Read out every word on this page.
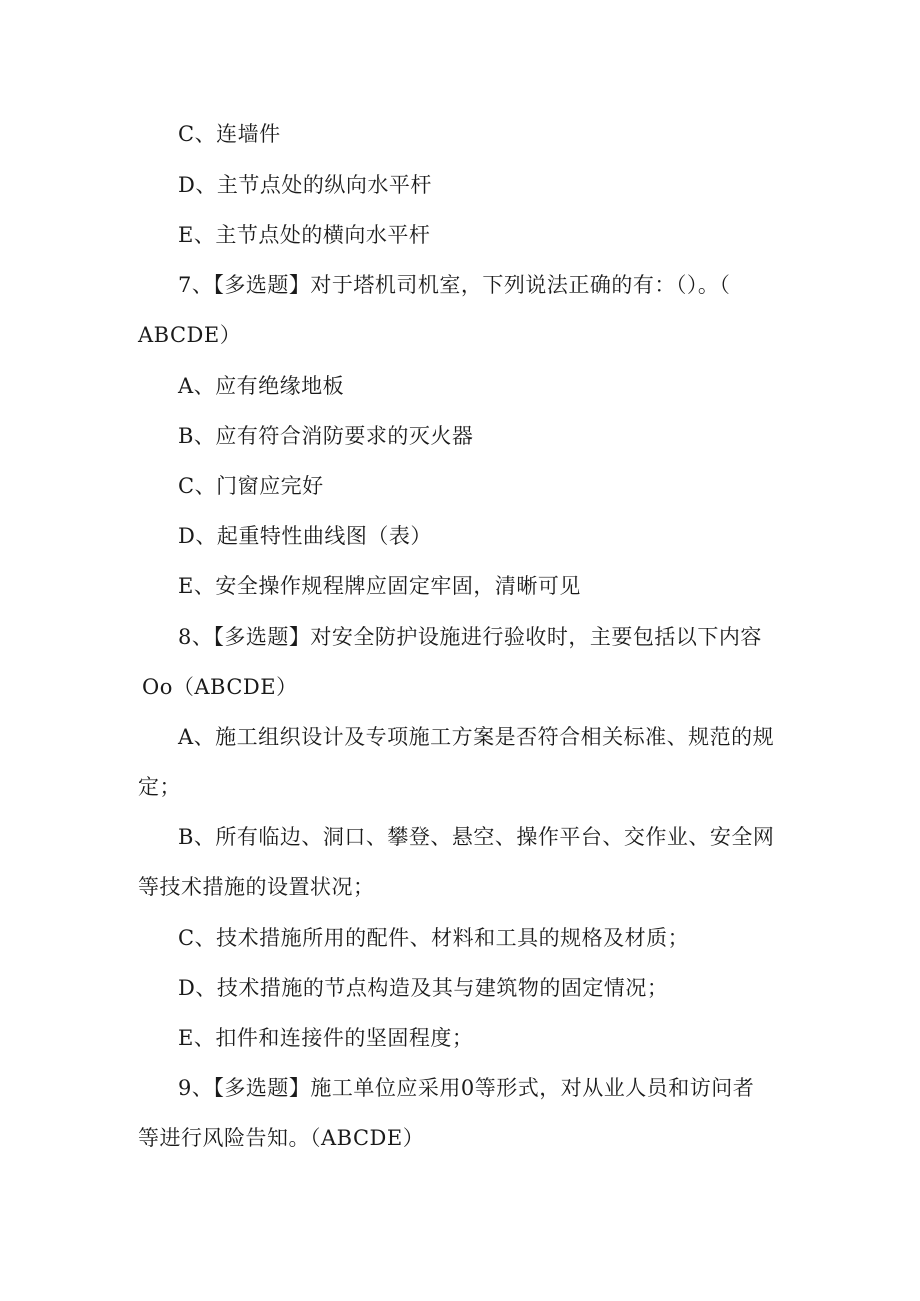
C、连墙件
D、主节点处的纵向水平杆
E、主节点处的横向水平杆
7、【多选题】对于塔机司机室，下列说法正确的有：（）。（
ABCDE）
A、应有绝缘地板
B、应有符合消防要求的灭火器
C、门窗应完好
D、起重特性曲线图（表）
E、安全操作规程牌应固定牢固，清晰可见
8、【多选题】对安全防护设施进行验收时，主要包括以下内容
Oo（ABCDE）
A、施工组织设计及专项施工方案是否符合相关标准、规范的规
定；
B、所有临边、洞口、攀登、悬空、操作平台、交作业、安全网
等技术措施的设置状况；
C、技术措施所用的配件、材料和工具的规格及材质；
D、技术措施的节点构造及其与建筑物的固定情况；
E、扣件和连接件的坚固程度；
9、【多选题】施工单位应采用0等形式，对从业人员和访问者
等进行风险告知。（ABCDE）
